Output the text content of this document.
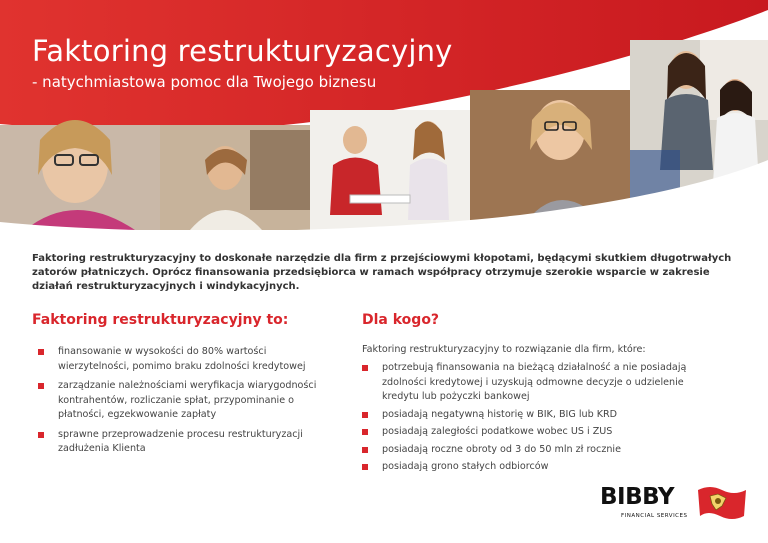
Faktoring restrukturyzacyjny
- natychmiastowa pomoc dla Twojego biznesu
Faktoring restrukturyzacyjny to doskonałe narzędzie dla firm z przejściowymi kłopotami, będącymi skutkiem długotrwałych zatorów płatniczych. Oprócz finansowania przedsiębiorca w ramach współpracy otrzymuje szerokie wsparcie w zakresie działań restrukturyzacyjnych i windykacyjnych.
Faktoring restrukturyzacyjny to:
finansowanie w wysokości do 80% wartości wierzytelności, pomimo braku zdolności kredytowej
zarządzanie należnościami weryfikacja wiarygodności kontrahentów, rozliczanie spłat, przypominanie o płatności, egzekwowanie zapłaty
sprawne przeprowadzenie procesu restrukturyzacji zadłużenia Klienta
Dla kogo?
Faktoring restrukturyzacyjny to rozwiązanie dla firm, które:
potrzebują finansowania na bieżącą działalność a nie posiadają zdolności kredytowej i uzyskują odmowne decyzje o udzielenie kredytu lub pożyczki bankowej
posiadają negatywną historię w BIK, BIG lub KRD
posiadają zaległości podatkowe wobec US i ZUS
posiadają roczne obroty od 3 do 50 mln zł rocznie
posiadają grono stałych odbiorców
BIBBY
FINANCIAL SERVICES
